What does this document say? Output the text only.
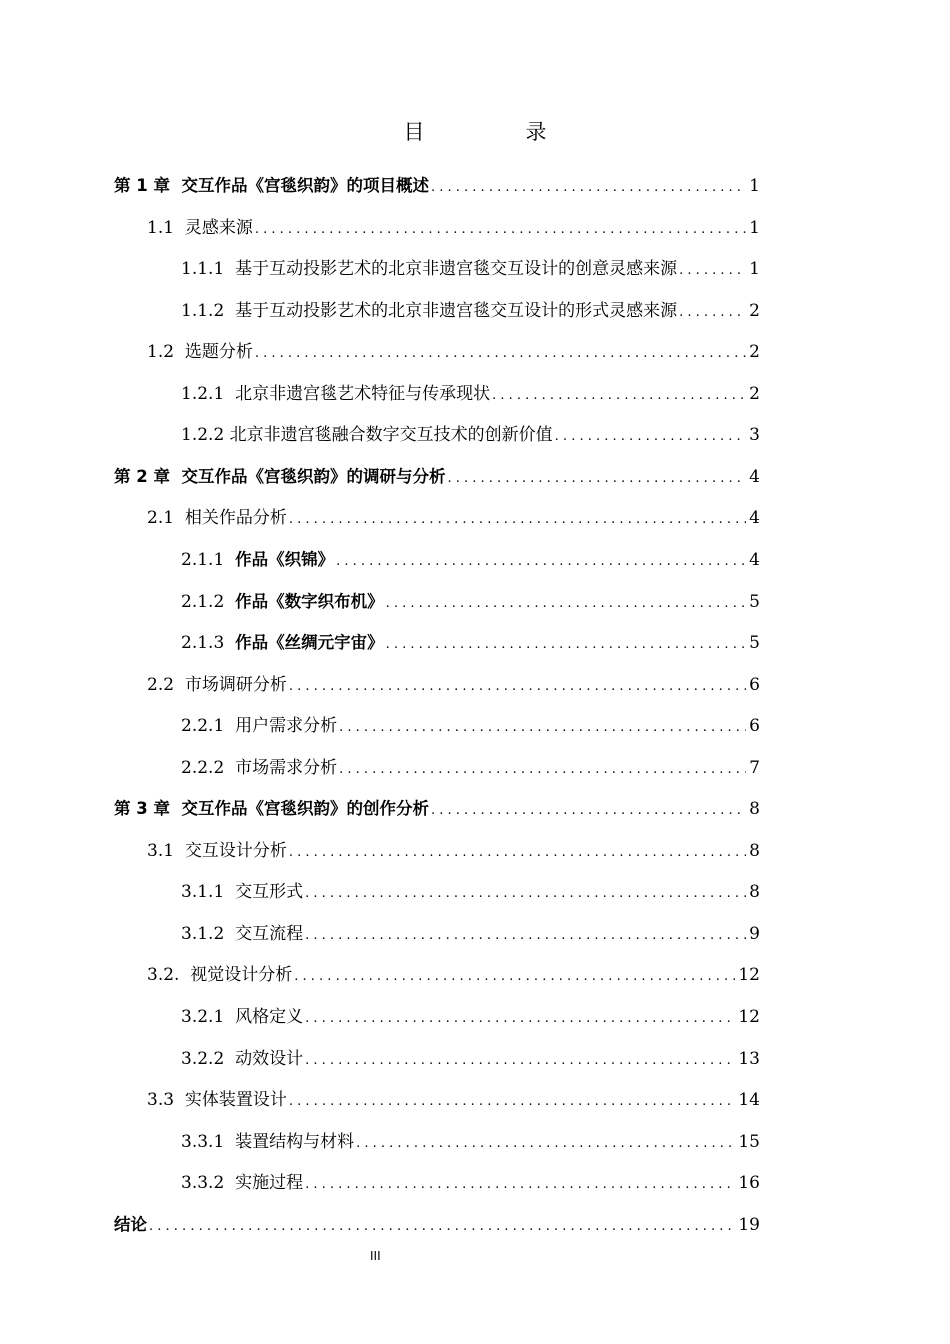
目　录
第 1 章 交互作品《宫毯织韵》的项目概述 . . .	1
1.1 灵感来源 . . .	1
1.1.1 基于互动投影艺术的北京非遗宫毯交互设计的创意灵感来源 . . .	1
1.1.2 基于互动投影艺术的北京非遗宫毯交互设计的形式灵感来源 . . .	2
1.2 选题分析 . . .	2
1.2.1 北京非遗宫毯艺术特征与传承现状 . . .	2
1.2.2 北京非遗宫毯融合数字交互技术的创新价值 . . .	3
第 2 章 交互作品《宫毯织韵》的调研与分析 . . .	4
2.1 相关作品分析 . . .	4
2.1.1 作品《织锦》 . . .	4
2.1.2 作品《数字织布机》 . . .	5
2.1.3 作品《丝绸元宇宙》 . . .	5
2.2 市场调研分析 . . .	6
2.2.1 用户需求分析 . . .	6
2.2.2 市场需求分析 . . .	7
第 3 章 交互作品《宫毯织韵》的创作分析 . . .	8
3.1 交互设计分析 . . .	8
3.1.1 交互形式 . . .	8
3.1.2 交互流程 . . .	9
3.2. 视觉设计分析 . . .	12
3.2.1 风格定义 . . .	12
3.2.2 动效设计 . . .	13
3.3 实体装置设计 . . .	14
3.3.1 装置结构与材料 . . .	15
3.3.2 实施过程 . . .	16
结论 . . .	19
III
